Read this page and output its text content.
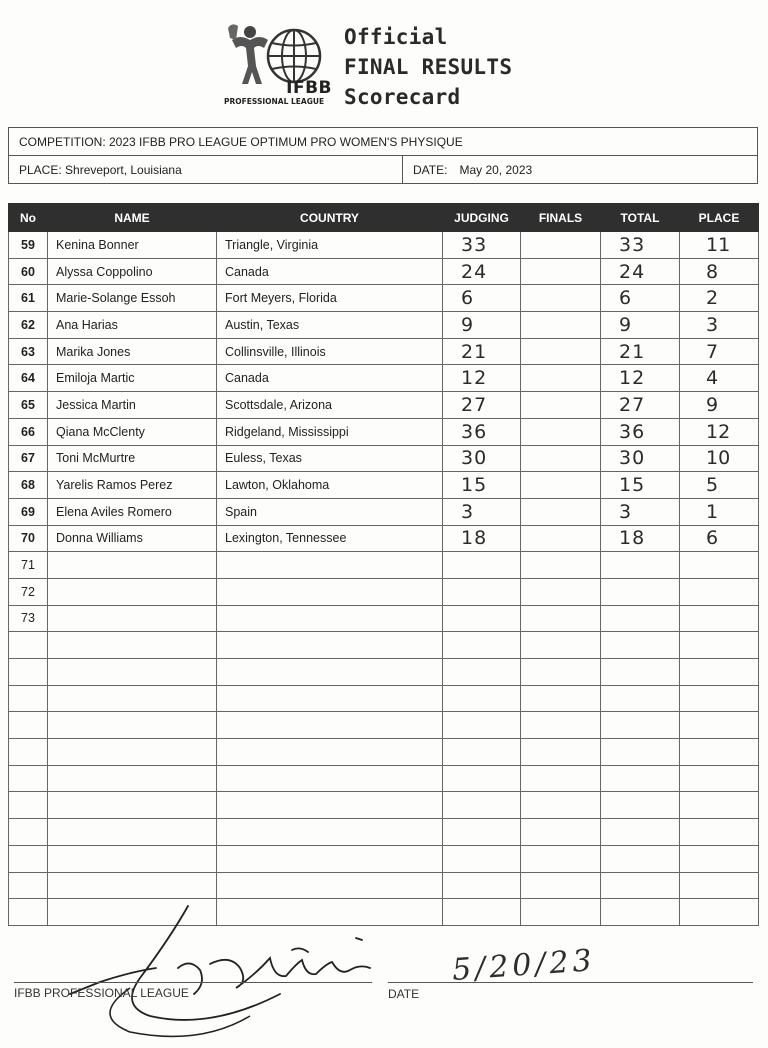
IFBB
PROFESSIONAL LEAGUE
Official
FINAL RESULTS
Scorecard
COMPETITION: 2023 IFBB PRO LEAGUE OPTIMUM PRO WOMEN'S PHYSIQUE
PLACE: Shreveport, Louisiana	DATE: May 20, 2023
No	NAME	COUNTRY	JUDGING	FINALS	TOTAL	PLACE
59	Kenina Bonner	Triangle, Virginia	33		33	11
60	Alyssa Coppolino	Canada	24		24	8
61	Marie-Solange Essoh	Fort Meyers, Florida	6		6	2
62	Ana Harias	Austin, Texas	9		9	3
63	Marika Jones	Collinsville, Illinois	21		21	7
64	Emiloja Martic	Canada	12		12	4
65	Jessica Martin	Scottsdale, Arizona	27		27	9
66	Qiana McClenty	Ridgeland, Mississippi	36		36	12
67	Toni McMurtre	Euless, Texas	30		30	10
68	Yarelis Ramos Perez	Lawton, Oklahoma	15		15	5
69	Elena Aviles Romero	Spain	3		3	1
70	Donna Williams	Lexington, Tennessee	18		18	6
71						
72						
73						

IFBB PROFESSIONAL LEAGUE	DATE
5/20/23
